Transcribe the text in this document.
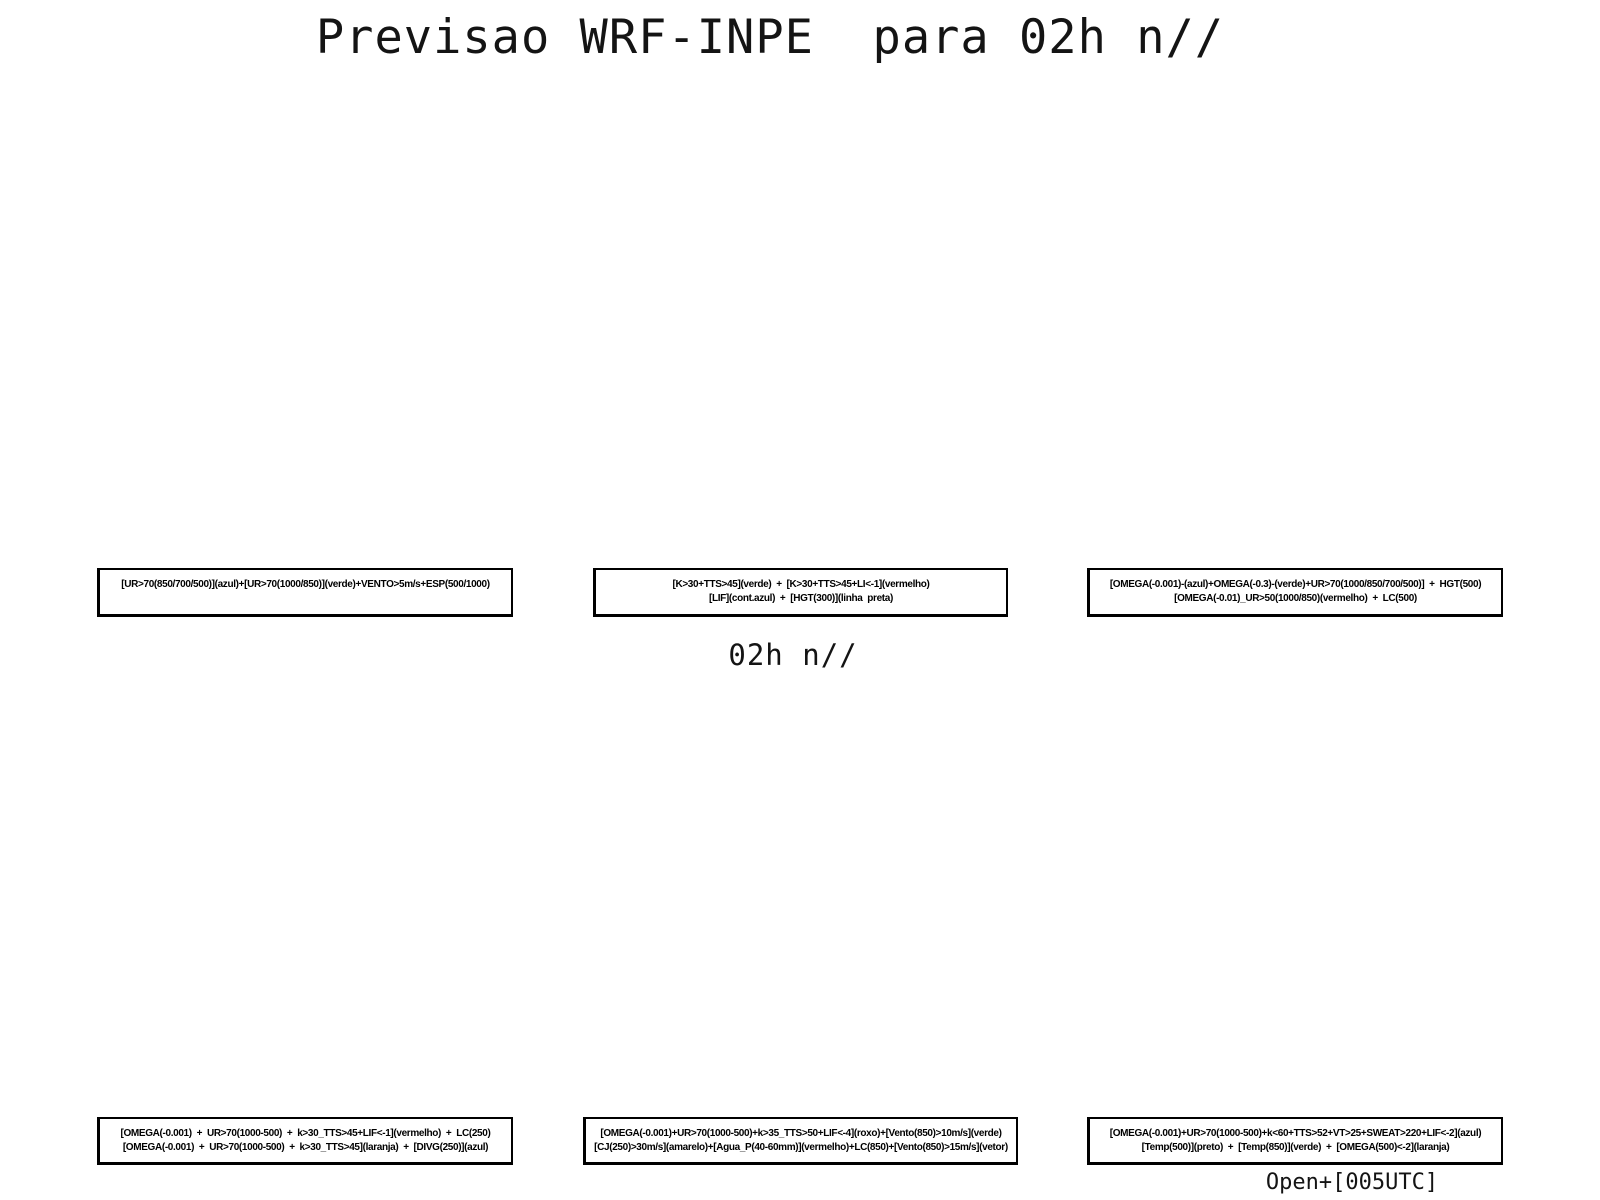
Previsao WRF-INPE  para 02h n//
[UR>70(850/700/500)](azul)+[UR>70(1000/850)](verde)+VENTO>5m/s+ESP(500/1000)	[K>30+TTS>45](verde)  +  [K>30+TTS>45+LI<-1](vermelho)
[LIF](cont.azul)  +  [HGT(300)](linha  preta)
[OMEGA(-0.001)-(azul)+OMEGA(-0.3)-(verde)+UR>70(1000/850/700/500)]  +  HGT(500)
[OMEGA(-0.01)_UR>50(1000/850)(vermelho)  +  LC(500)
02h n//
[OMEGA(-0.001)  +  UR>70(1000-500)  +  k>30_TTS>45+LIF<-1](vermelho)  +  LC(250)
[OMEGA(-0.001)  +  UR>70(1000-500)  +  k>30_TTS>45](laranja)  +  [DIVG(250)](azul)
[OMEGA(-0.001)+UR>70(1000-500)+k>35_TTS>50+LIF<-4](roxo)+[Vento(850)>10m/s](verde)
[CJ(250)>30m/s](amarelo)+[Agua_P(40-60mm)](vermelho)+LC(850)+[Vento(850)>15m/s](vetor)
[OMEGA(-0.001)+UR>70(1000-500)+k<60+TTS>52+VT>25+SWEAT>220+LIF<-2](azul)
[Temp(500)](preto)  +  [Temp(850)](verde)  +  [OMEGA(500)<-2](laranja)
Open+[005UTC]
